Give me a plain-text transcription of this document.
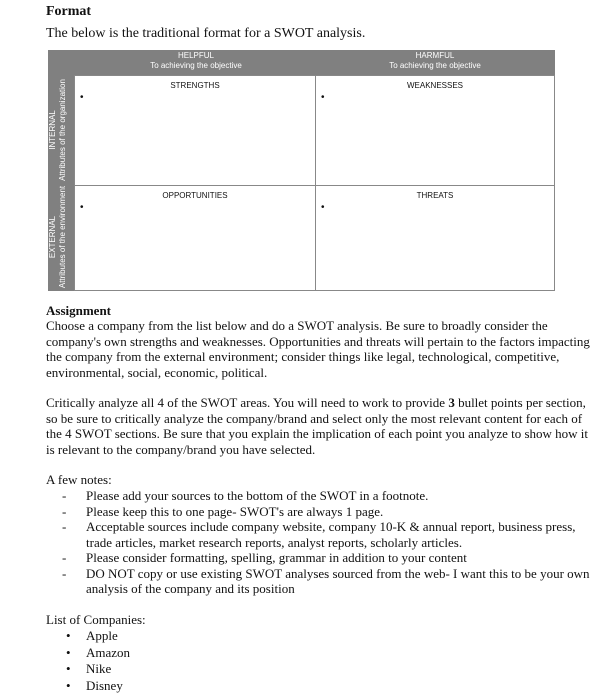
Format
The below is the traditional format for a SWOT analysis.
HELPFUL
To achieving the objective
HARMFUL
To achieving the objective
INTERNAL Attributes of the organization
EXTERNAL Attributes of the environment
STRENGTHS
•
WEAKNESSES
•
OPPORTUNITIES
•
THREATS
•
Assignment
Choose a company from the list below and do a SWOT analysis. Be sure to broadly consider the company's own strengths and weaknesses. Opportunities and threats will pertain to the factors impacting the company from the external environment; consider things like legal, technological, competitive, environmental, social, economic, political.
Critically analyze all 4 of the SWOT areas. You will need to work to provide 3 bullet points per section, so be sure to critically analyze the company/brand and select only the most relevant content for each of the 4 SWOT sections. Be sure that you explain the implication of each point you analyze to show how it is relevant to the company/brand you have selected.
A few notes:
- Please add your sources to the bottom of the SWOT in a footnote.
- Please keep this to one page- SWOT's are always 1 page.
- Acceptable sources include company website, company 10-K & annual report, business press, trade articles, market research reports, analyst reports, scholarly articles.
- Please consider formatting, spelling, grammar in addition to your content
- DO NOT copy or use existing SWOT analyses sourced from the web- I want this to be your own analysis of the company and its position
List of Companies:
• Apple
• Amazon
• Nike
• Disney
